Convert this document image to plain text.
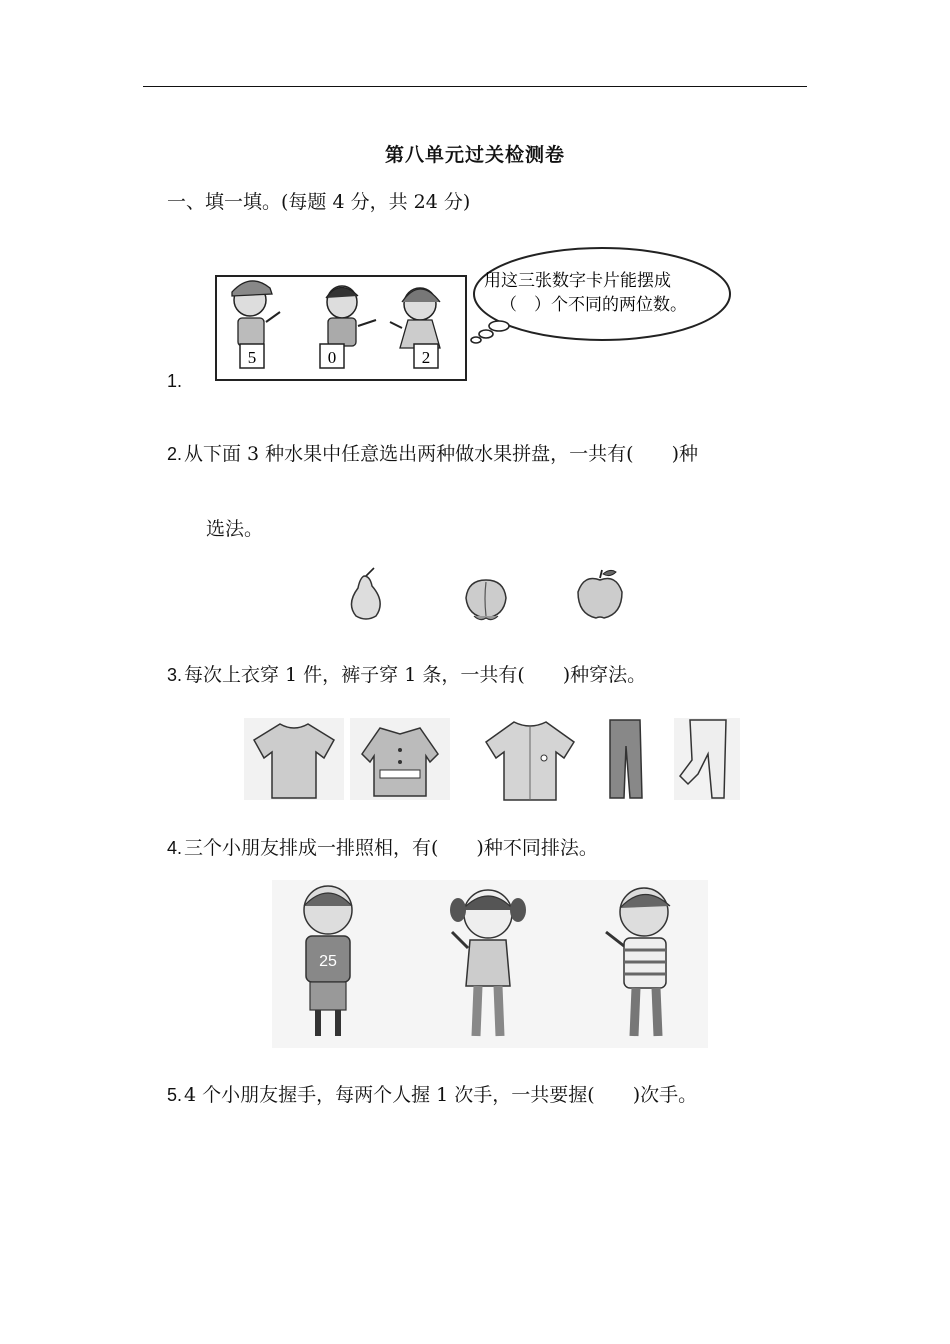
第八单元过关检测卷
一、填一填。(每题 4 分，共 24 分)
1.
5	0	2
用这三张数字卡片能摆成
（　）个不同的两位数。
2. 从下面 3 种水果中任意选出两种做水果拼盘，一共有(　　)种
选法。
3. 每次上衣穿 1 件，裤子穿 1 条，一共有(　　)种穿法。
4. 三个小朋友排成一排照相，有(　　)种不同排法。
25
5. 4 个小朋友握手，每两个人握 1 次手，一共要握(　　)次手。
